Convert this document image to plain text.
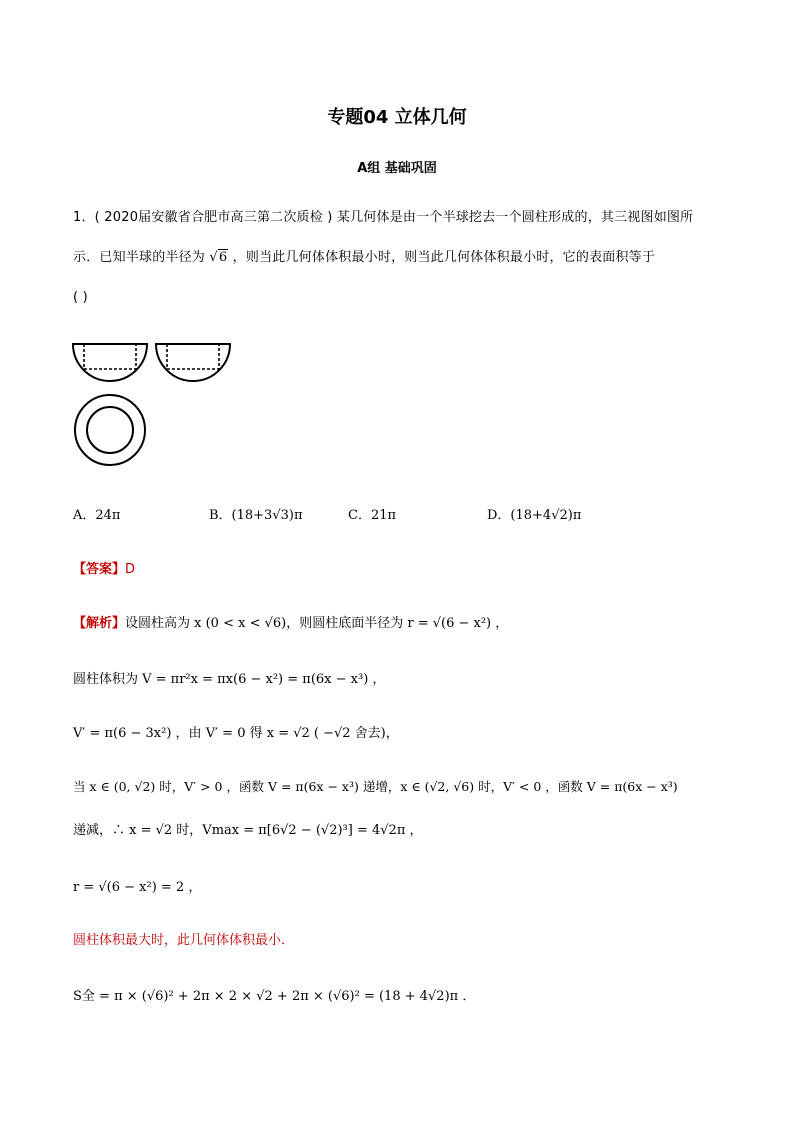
专题04 立体几何
A组 基础巩固
1．( 2020届安徽省合肥市高三第二次质检 ) 某几何体是由一个半球挖去一个圆柱形成的，其三视图如图所
示．已知半球的半径为 √6 ，则当此几何体体积最小时，则当此几何体体积最小时，它的表面积等于
( )
A．24π	B．(18+3√3)π	C．21π	D．(18+4√2)π
【答案】D
【解析】设圆柱高为 x (0 < x < √6)，则圆柱底面半径为 r = √(6 − x²) ，
圆柱体积为 V = πr²x = πx(6 − x²) = π(6x − x³) ，
V′ = π(6 − 3x²) ，由 V′ = 0 得 x = √2 ( −√2 舍去)，
当 x ∈ (0, √2) 时，V′ > 0 ，函数 V = π(6x − x³) 递增，x ∈ (√2, √6) 时，V′ < 0 ，函数 V = π(6x − x³)
递减，∴ x = √2 时，Vmax = π[6√2 − (√2)³] = 4√2π ，
r = √(6 − x²) = 2 ，
圆柱体积最大时，此几何体体积最小．
S全 = π × (√6)² + 2π × 2 × √2 + 2π × (√6)² = (18 + 4√2)π ．
